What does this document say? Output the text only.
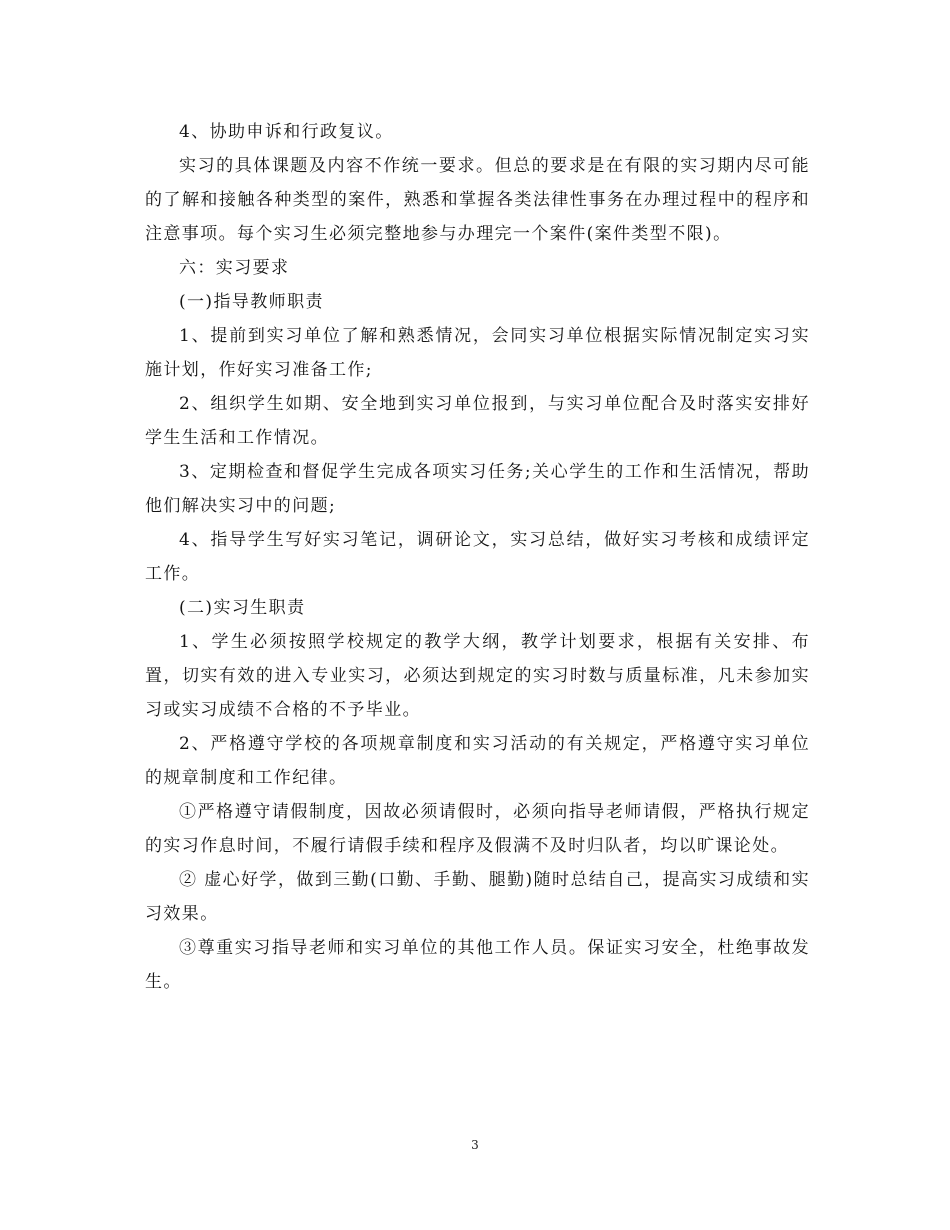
4、协助申诉和行政复议。

实习的具体课题及内容不作统一要求。但总的要求是在有限的实习期内尽可能的了解和接触各种类型的案件，熟悉和掌握各类法律性事务在办理过程中的程序和注意事项。每个实习生必须完整地参与办理完一个案件(案件类型不限)。

六：实习要求

(一)指导教师职责

1、提前到实习单位了解和熟悉情况，会同实习单位根据实际情况制定实习实施计划，作好实习准备工作;

2、组织学生如期、安全地到实习单位报到，与实习单位配合及时落实安排好学生生活和工作情况。

3、定期检查和督促学生完成各项实习任务;关心学生的工作和生活情况，帮助他们解决实习中的问题;

4、指导学生写好实习笔记，调研论文，实习总结，做好实习考核和成绩评定工作。

(二)实习生职责

1、学生必须按照学校规定的教学大纲，教学计划要求，根据有关安排、布置，切实有效的进入专业实习，必须达到规定的实习时数与质量标准，凡未参加实习或实习成绩不合格的不予毕业。

2、严格遵守学校的各项规章制度和实习活动的有关规定，严格遵守实习单位的规章制度和工作纪律。

①严格遵守请假制度，因故必须请假时，必须向指导老师请假，严格执行规定的实习作息时间，不履行请假手续和程序及假满不及时归队者，均以旷课论处。

② 虚心好学，做到三勤(口勤、手勤、腿勤)随时总结自己，提高实习成绩和实习效果。

③尊重实习指导老师和实习单位的其他工作人员。保证实习安全，杜绝事故发生。

3
